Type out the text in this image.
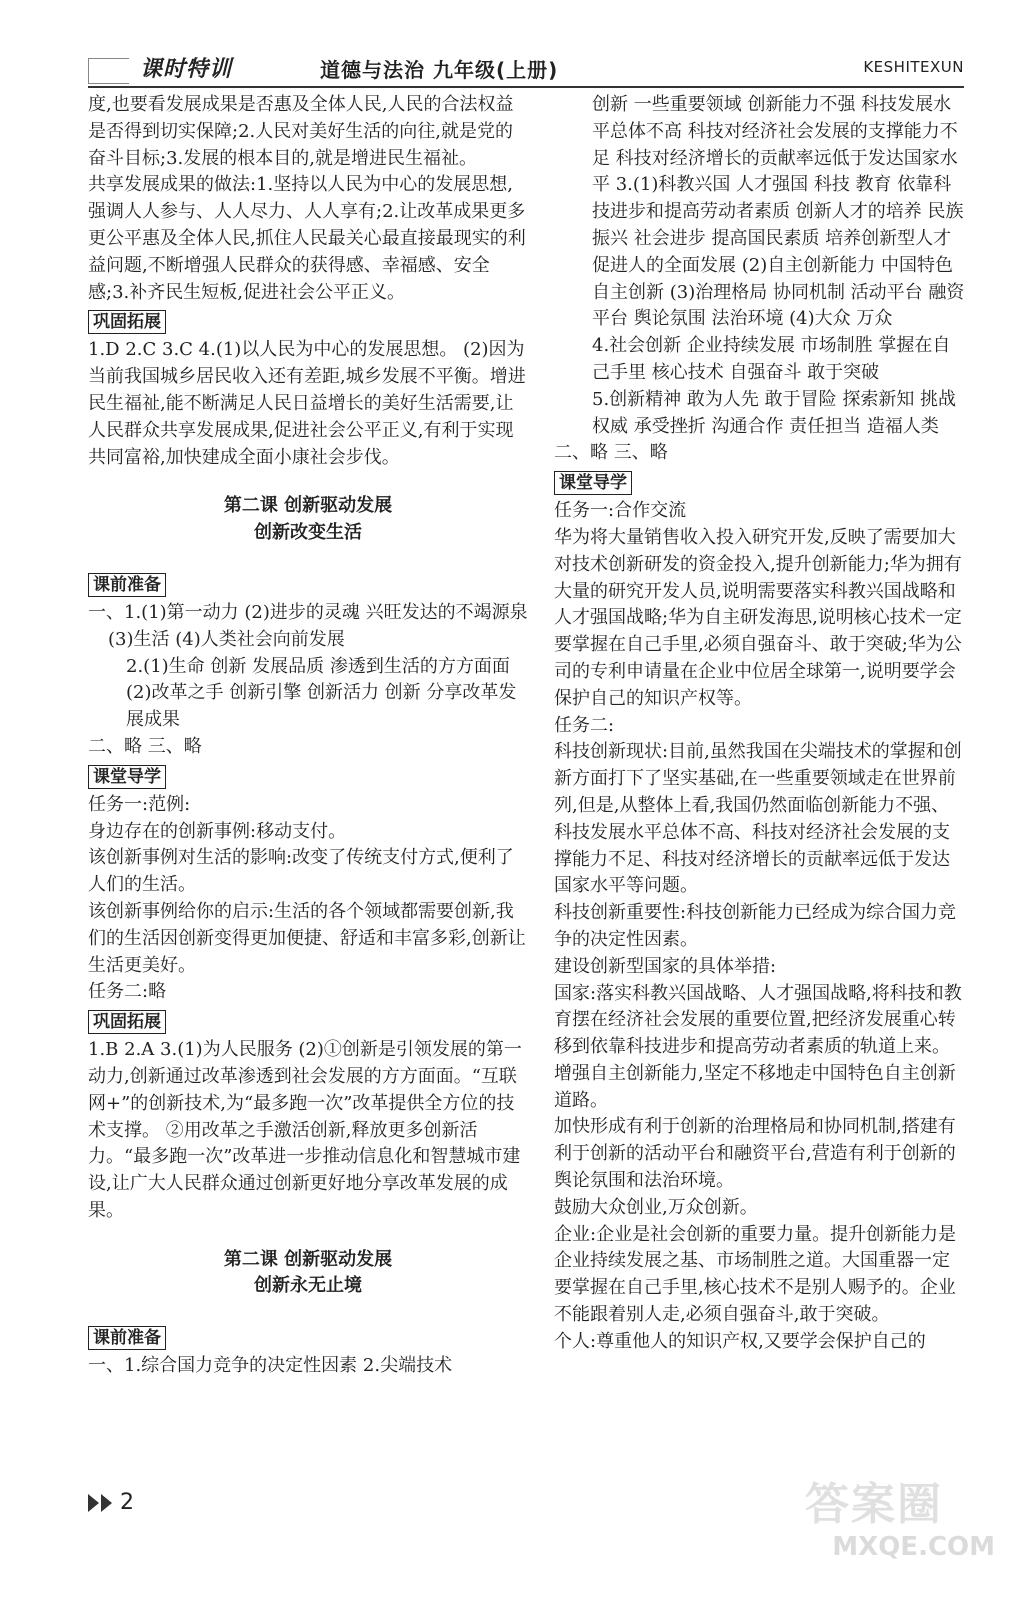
课时特训	道德与法治 九年级(上册)	KESHITEXUN

度,也要看发展成果是否惠及全体人民,人民的合法权益是否得到切实保障;2.人民对美好生活的向往,就是党的奋斗目标;3.发展的根本目的,就是增进民生福祉。

共享发展成果的做法:1.坚持以人民为中心的发展思想,强调人人参与、人人尽力、人人享有;2.让改革成果更多更公平惠及全体人民,抓住人民最关心最直接最现实的利益问题,不断增强人民群众的获得感、幸福感、安全感;3.补齐民生短板,促进社会公平正义。

巩固拓展

1.D 2.C 3.C 4.(1)以人民为中心的发展思想。 (2)因为当前我国城乡居民收入还有差距,城乡发展不平衡。增进民生福祉,能不断满足人民日益增长的美好生活需要,让人民群众共享发展成果,促进社会公平正义,有利于实现共同富裕,加快建成全面小康社会步伐。

第二课 创新驱动发展

创新改变生活

课前准备

一、1.(1)第一动力 (2)进步的灵魂 兴旺发达的不竭源泉 (3)生活 (4)人类社会向前发展

2.(1)生命 创新 发展品质 渗透到生活的方方面面 (2)改革之手 创新引擎 创新活力 创新 分享改革发展成果

二、略 三、略

课堂导学

任务一:范例:

身边存在的创新事例:移动支付。

该创新事例对生活的影响:改变了传统支付方式,便利了人们的生活。

该创新事例给你的启示:生活的各个领域都需要创新,我们的生活因创新变得更加便捷、舒适和丰富多彩,创新让生活更美好。

任务二:略

巩固拓展

1.B 2.A 3.(1)为人民服务 (2)①创新是引领发展的第一动力,创新通过改革渗透到社会发展的方方面面。“互联网+”的创新技术,为“最多跑一次”改革提供全方位的技术支撑。 ②用改革之手激活创新,释放更多创新活力。“最多跑一次”改革进一步推动信息化和智慧城市建设,让广大人民群众通过创新更好地分享改革发展的成果。

第二课 创新驱动发展

创新永无止境

课前准备

一、1.综合国力竞争的决定性因素 2.尖端技术

创新 一些重要领域 创新能力不强 科技发展水平总体不高 科技对经济社会发展的支撑能力不足 科技对经济增长的贡献率远低于发达国家水平 3.(1)科教兴国 人才强国 科技 教育 依靠科技进步和提高劳动者素质 创新人才的培养 民族振兴 社会进步 提高国民素质 培养创新型人才 促进人的全面发展 (2)自主创新能力 中国特色自主创新 (3)治理格局 协同机制 活动平台 融资平台 舆论氛围 法治环境 (4)大众 万众

4.社会创新 企业持续发展 市场制胜 掌握在自己手里 核心技术 自强奋斗 敢于突破

5.创新精神 敢为人先 敢于冒险 探索新知 挑战权威 承受挫折 沟通合作 责任担当 造福人类

二、略 三、略

课堂导学

任务一:合作交流

华为将大量销售收入投入研究开发,反映了需要加大对技术创新研发的资金投入,提升创新能力;华为拥有大量的研究开发人员,说明需要落实科教兴国战略和人才强国战略;华为自主研发海思,说明核心技术一定要掌握在自己手里,必须自强奋斗、敢于突破;华为公司的专利申请量在企业中位居全球第一,说明要学会保护自己的知识产权等。

任务二:

科技创新现状:目前,虽然我国在尖端技术的掌握和创新方面打下了坚实基础,在一些重要领域走在世界前列,但是,从整体上看,我国仍然面临创新能力不强、科技发展水平总体不高、科技对经济社会发展的支撑能力不足、科技对经济增长的贡献率远低于发达国家水平等问题。

科技创新重要性:科技创新能力已经成为综合国力竞争的决定性因素。

建设创新型国家的具体举措:

国家:落实科教兴国战略、人才强国战略,将科技和教育摆在经济社会发展的重要位置,把经济发展重心转移到依靠科技进步和提高劳动者素质的轨道上来。

增强自主创新能力,坚定不移地走中国特色自主创新道路。

加快形成有利于创新的治理格局和协同机制,搭建有利于创新的活动平台和融资平台,营造有利于创新的舆论氛围和法治环境。

鼓励大众创业,万众创新。

企业:企业是社会创新的重要力量。提升创新能力是企业持续发展之基、市场制胜之道。大国重器一定要掌握在自己手里,核心技术不是别人赐予的。企业不能跟着别人走,必须自强奋斗,敢于突破。

个人:尊重他人的知识产权,又要学会保护自己的

2	答案圈
MXQE.COM
